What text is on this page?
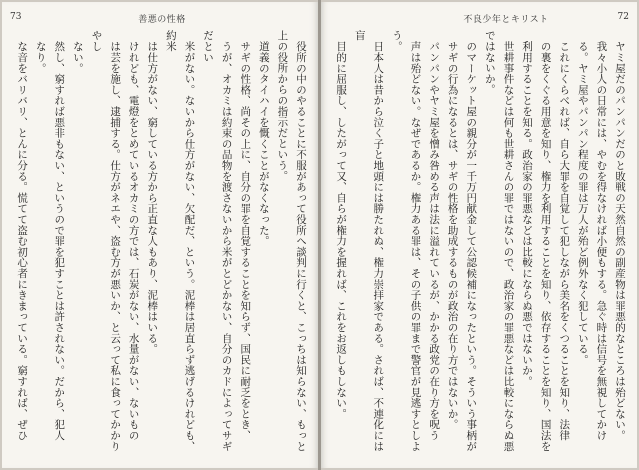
73	善悪の性格

役所の中のやることに不服があって役所へ談判に行くと、こっちは知らない、もっと上の役所からの指示だという。

道義のタイハイを慨くことがなくなった。

サギの性格、尚その上に、自分の罪を自覚することを知らず、国民に耐乏をとき、

うが、オカミは約束の品物を渡さないから米がとどかない、自分のカドによってサギだとい

米がない。ないから仕方がない、欠配だ、という。泥棒は居直らず逃げるけれども、約米

は仕方がない、窮している方から正直な人もあり、泥棒はいる。

けれども、電燈をとめているオカミの方では、石炭がない、水量がない、ないもの

は芸を施し、逮捕する。仕方がネエや、盗む方が悪いか、と云って私に食ってかかりやし

ない。

然し、窮すれば悪非もない、というので罪を犯すことは許されない。だから、犯人

なり。

な音をバリバリ、とんに分る。慌てて盗む初心者にきまっている。窮すれば、ぜひ

不良少年とキリスト	72

ヤミ屋だのパンパンだのと敗戦の天然自然の副産物は罪悪的なところは殆どない。

我々小人の日常には、やむを得なければ小便もする。急ぐ時は信号を無視してかけ

る。ヤミ屋やパンパン程度の罪は万人が殆ど例外なく犯している。

これにくらべれば、自ら大罪を自覚して犯しながら美名をくつることを知り、法律

の裏をくぐる用意を知り、権力を利用することを知り、依存することを知り、国法を

利用することを知る。政治家の罪悪などは比較にならぬ悪ではないか。

世耕事件などは何も世耕さんの罪ではないので、政治家の罪悪などは比較にならぬ悪ではないか。

のマーケット屋の親分が一千万円献金して公認候補になったという。そういう事柄が

サギの行為になるとは、サギの性格を助成するものが政治の在り方ではないか。

パンパンやヤミ屋を憎み咎める声は法に溢れているが、かかる政党の在り方を呪う

声は殆どない。なぜであるか。権力ある罪は、その子供の罪まで警官が見逃すとしよう。

日本人は昔から泣く子と地頭には勝たれぬ、権力崇拝家である。されば、不連化には盲

目的に屈服し、したがって又、自らが権力を握れば、これをお返しもしない。
